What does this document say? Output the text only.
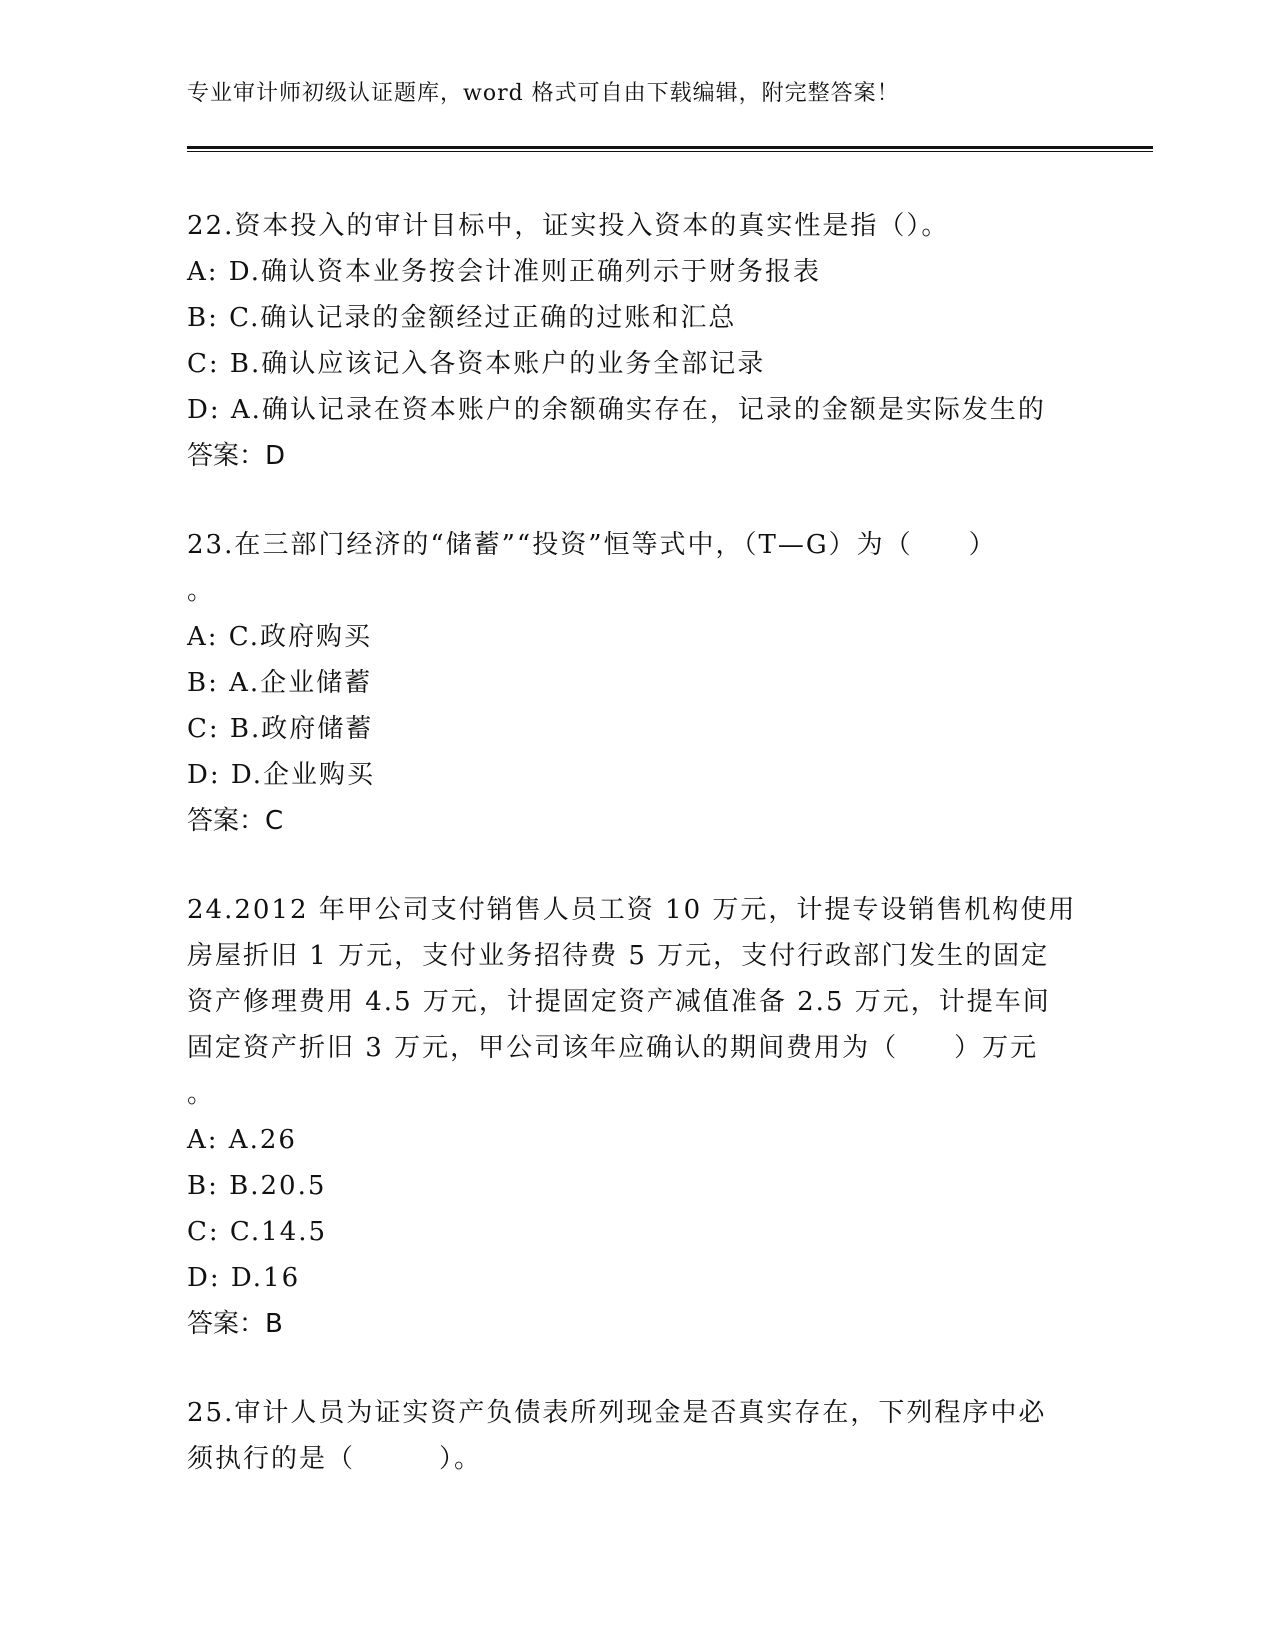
专业审计师初级认证题库，word 格式可自由下载编辑，附完整答案！
22.资本投入的审计目标中，证实投入资本的真实性是指（）。
A: D.确认资本业务按会计准则正确列示于财务报表
B: C.确认记录的金额经过正确的过账和汇总
C: B.确认应该记入各资本账户的业务全部记录
D: A.确认记录在资本账户的余额确实存在，记录的金额是实际发生的
答案：D
23.在三部门经济的“储蓄”“投资”恒等式中，（T—G）为（　　）
。
A: C.政府购买
B: A.企业储蓄
C: B.政府储蓄
D: D.企业购买
答案：C
24.2012 年甲公司支付销售人员工资 10 万元，计提专设销售机构使用
房屋折旧 1 万元，支付业务招待费 5 万元，支付行政部门发生的固定
资产修理费用 4.5 万元，计提固定资产减值准备 2.5 万元，计提车间
固定资产折旧 3 万元，甲公司该年应确认的期间费用为（　　）万元
。
A: A.26
B: B.20.5
C: C.14.5
D: D.16
答案：B
25.审计人员为证实资产负债表所列现金是否真实存在，下列程序中必
须执行的是（　　　）。
